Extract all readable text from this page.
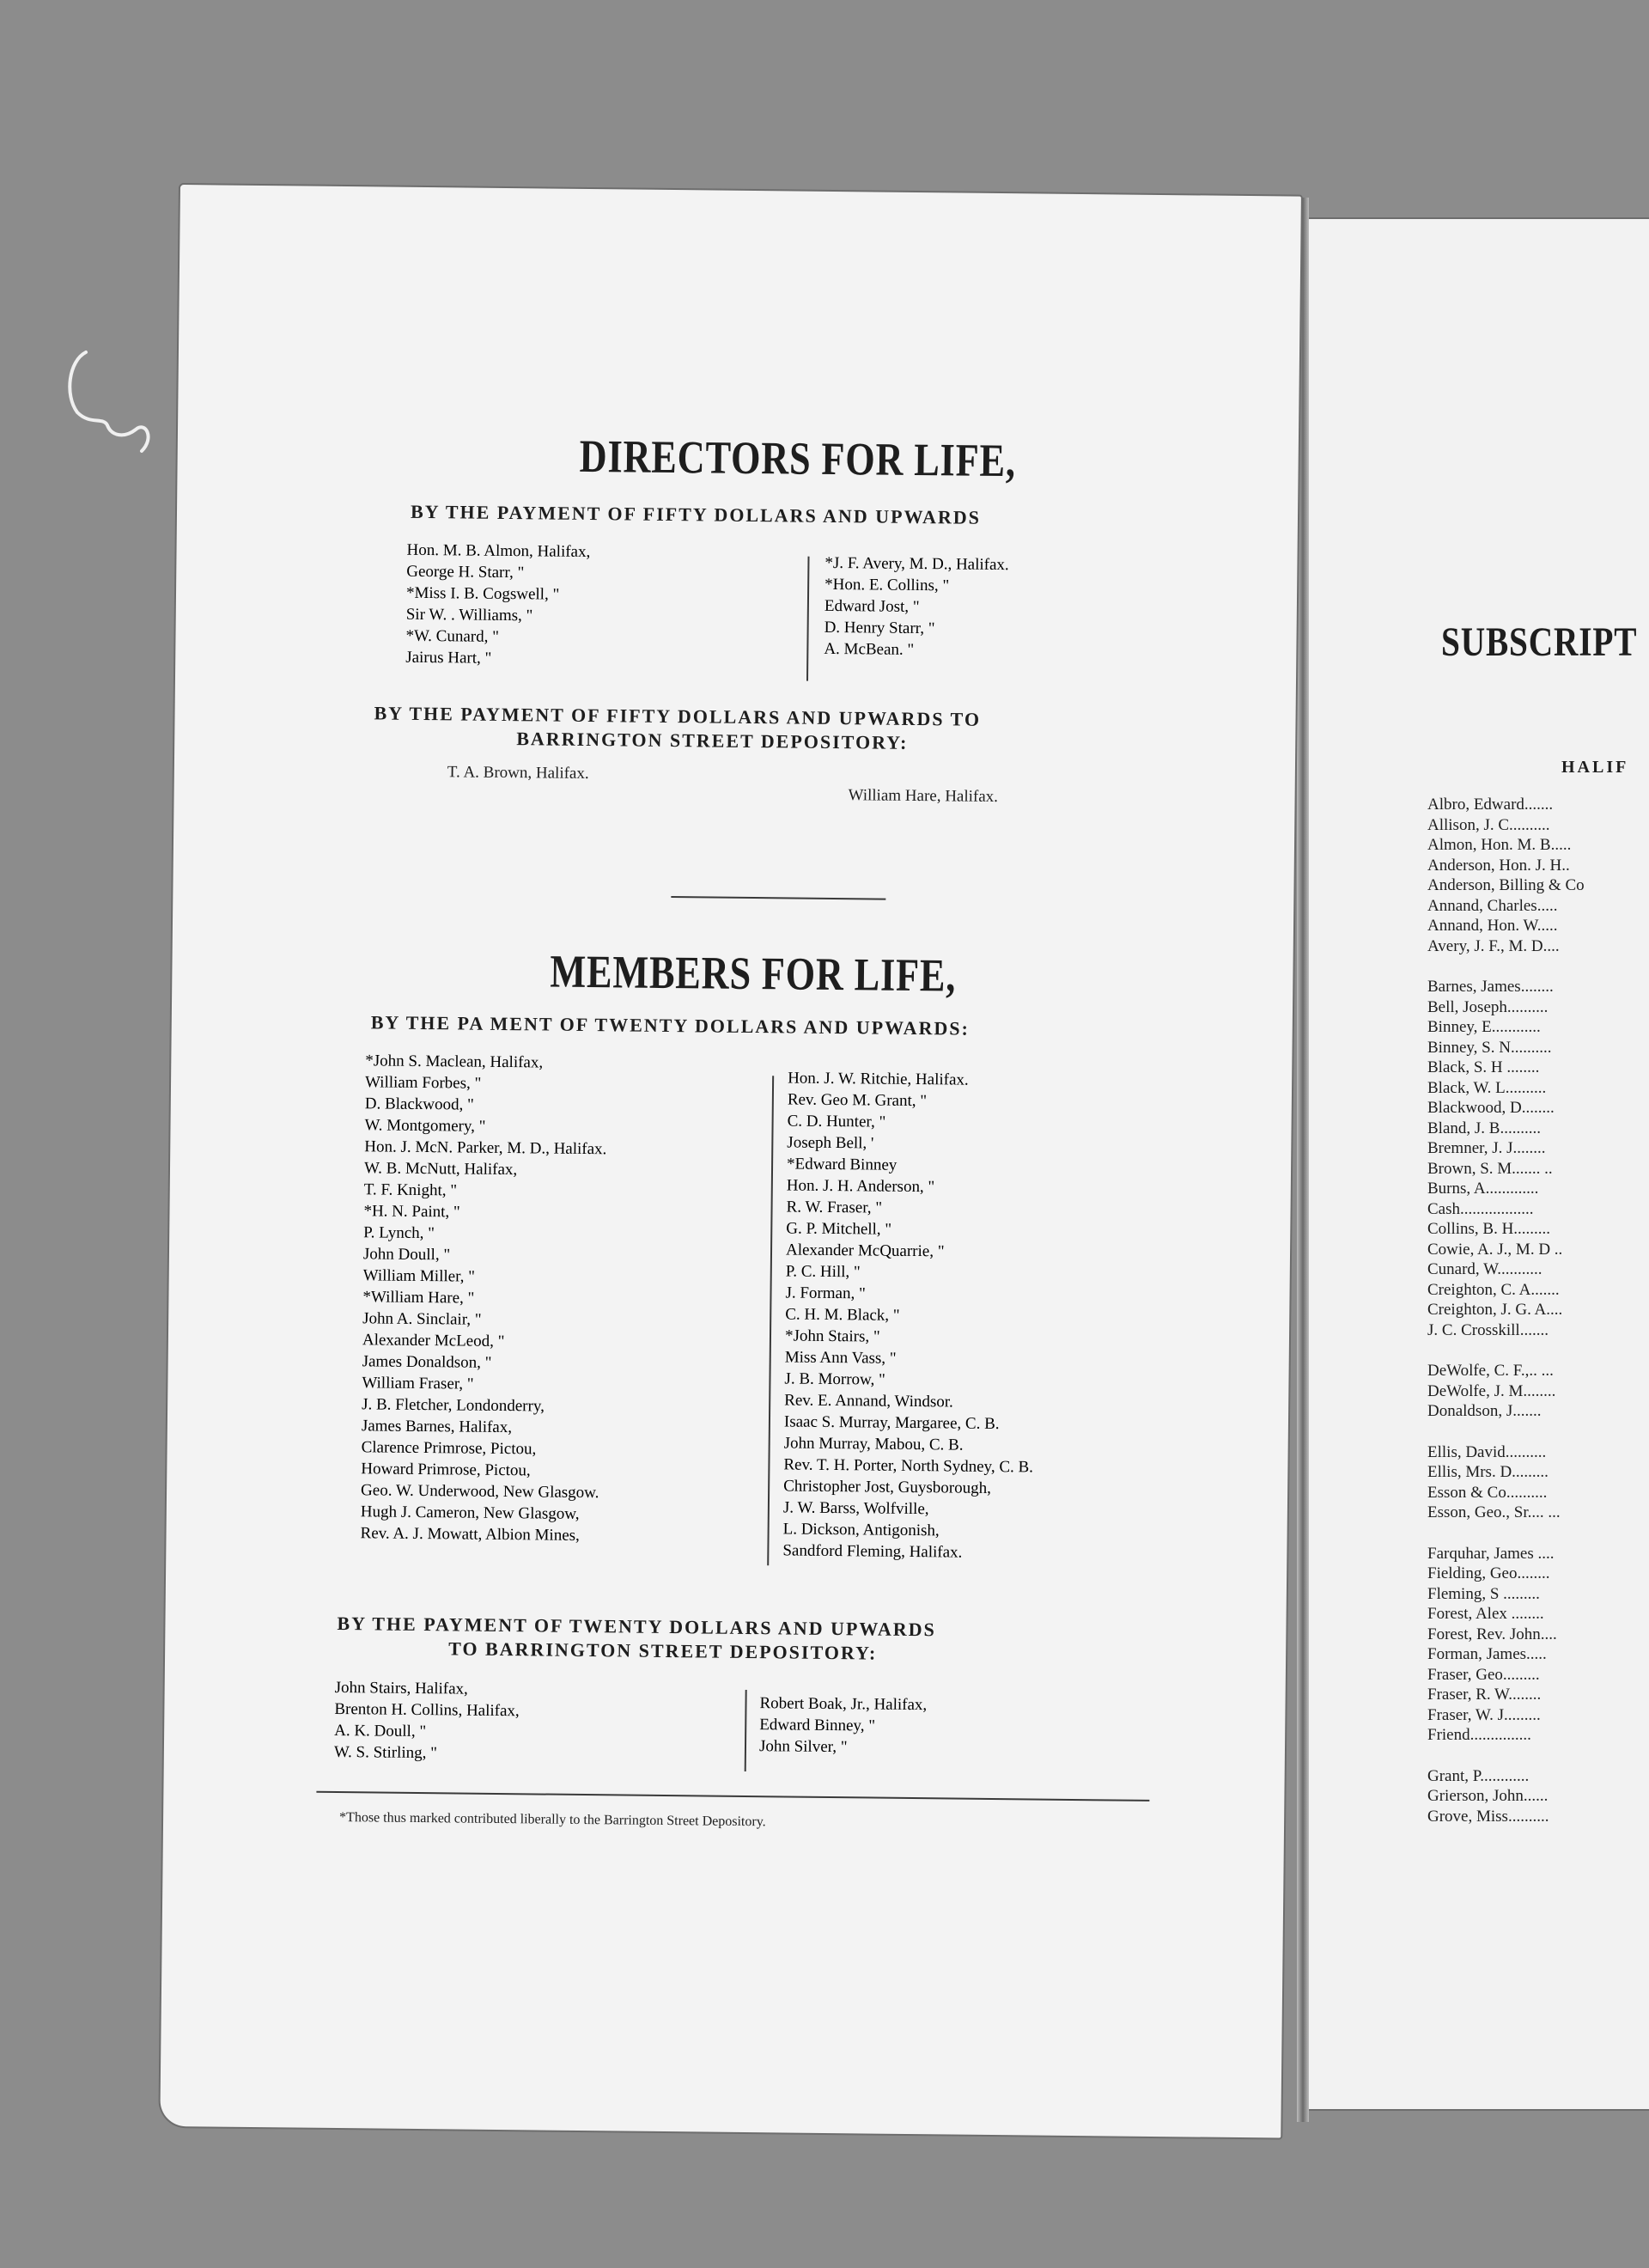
DIRECTORS FOR LIFE,
BY THE PAYMENT OF FIFTY DOLLARS AND UPWARDS
Hon. M. B. Almon, Halifax,
George H. Starr, "
*Miss I. B. Cogswell, "
Sir W. . Williams, "
*W. Cunard, "
Jairus Hart, "
*J. F. Avery, M. D., Halifax.
*Hon. E. Collins, "
Edward Jost, "
D. Henry Starr, "
A. McBean. "
BY THE PAYMENT OF FIFTY DOLLARS AND UPWARDS TO
BARRINGTON STREET DEPOSITORY:
T. A. Brown, Halifax.
William Hare, Halifax.
MEMBERS FOR LIFE,
BY THE PA MENT OF TWENTY DOLLARS AND UPWARDS:
*John S. Maclean, Halifax,
William Forbes, "
D. Blackwood, "
W. Montgomery, "
Hon. J. McN. Parker, M. D., Halifax.
W. B. McNutt, Halifax,
T. F. Knight, "
*H. N. Paint, "
P. Lynch, "
John Doull, "
William Miller, "
*William Hare, "
John A. Sinclair, "
Alexander McLeod, "
James Donaldson, "
William Fraser, "
J. B. Fletcher, Londonderry,
James Barnes, Halifax,
Clarence Primrose, Pictou,
Howard Primrose, Pictou,
Geo. W. Underwood, New Glasgow.
Hugh J. Cameron, New Glasgow,
Rev. A. J. Mowatt, Albion Mines,
Hon. J. W. Ritchie, Halifax.
Rev. Geo M. Grant, "
C. D. Hunter, "
Joseph Bell, '
*Edward Binney
Hon. J. H. Anderson, "
R. W. Fraser, "
G. P. Mitchell, "
Alexander McQuarrie, "
P. C. Hill, "
J. Forman, "
C. H. M. Black, "
*John Stairs, "
Miss Ann Vass, "
J. B. Morrow, "
Rev. E. Annand, Windsor.
Isaac S. Murray, Margaree, C. B.
John Murray, Mabou, C. B.
Rev. T. H. Porter, North Sydney, C. B.
Christopher Jost, Guysborough,
J. W. Barss, Wolfville,
L. Dickson, Antigonish,
Sandford Fleming, Halifax.
BY THE PAYMENT OF TWENTY DOLLARS AND UPWARDS
TO BARRINGTON STREET DEPOSITORY:
John Stairs, Halifax,
Brenton H. Collins, Halifax,
A. K. Doull, "
W. S. Stirling, "
Robert Boak, Jr., Halifax,
Edward Binney, "
John Silver, "
*Those thus marked contributed liberally to the Barrington Street Depository.
SUBSCRIPT
HALIF
Albro, Edward.......
Allison, J. C..........
Almon, Hon. M. B.....
Anderson, Hon. J. H..
Anderson, Billing & Co
Annand, Charles.....
Annand, Hon. W.....
Avery, J. F., M. D....
Barnes, James........
Bell, Joseph..........
Binney, E............
Binney, S. N..........
Black, S. H ........
Black, W. L..........
Blackwood, D........
Bland, J. B..........
Bremner, J. J........
Brown, S. M....... ..
Burns, A.............
Cash..................
Collins, B. H.........
Cowie, A. J., M. D ..
Cunard, W...........
Creighton, C. A.......
Creighton, J. G. A....
J. C. Crosskill.......
DeWolfe, C. F.,.. ...
DeWolfe, J. M........
Donaldson, J.......
Ellis, David..........
Ellis, Mrs. D.........
Esson & Co..........
Esson, Geo., Sr.... ...
Farquhar, James ....
Fielding, Geo........
Fleming, S .........
Forest, Alex ........
Forest, Rev. John....
Forman, James.....
Fraser, Geo.........
Fraser, R. W........
Fraser, W. J.........
Friend...............
Grant, P............
Grierson, John......
Grove, Miss..........
